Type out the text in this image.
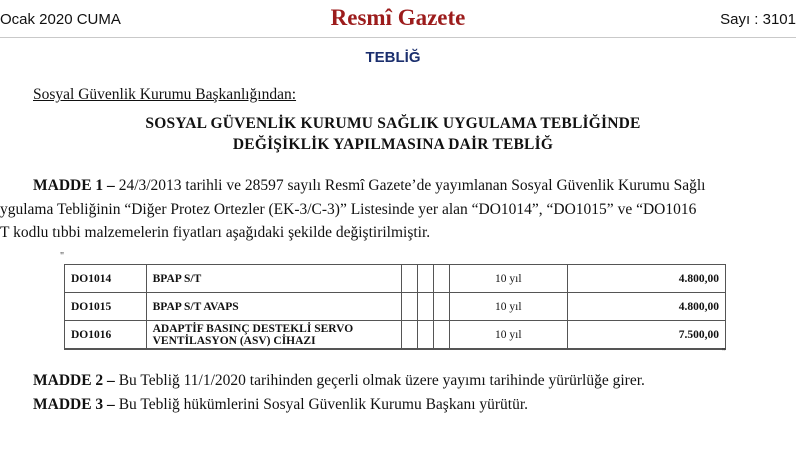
Ocak 2020 CUMA	Resmî Gazete	Sayı : 3101
TEBLİĞ
Sosyal Güvenlik Kurumu Başkanlığından:
SOSYAL GÜVENLİK KURUMU SAĞLIK UYGULAMA TEBLİĞİNDE
DEĞİŞİKLİK YAPILMASINA DAİR TEBLİĞ
MADDE 1 – 24/3/2013 tarihli ve 28597 sayılı Resmî Gazete’de yayımlanan Sosyal Güvenlik Kurumu Sağlı
ygulama Tebliğinin “Diğer Protez Ortezler (EK-3/C-3)” Listesinde yer alan “DO1014”, “DO1015” ve “DO1016
T kodlu tıbbi malzemelerin fiyatları aşağıdaki şekilde değiştirilmiştir.
"
DO1014	BPAP S/T				10 yıl	4.800,00
DO1015	BPAP S/T AVAPS				10 yıl	4.800,00
DO1016	ADAPTİF BASINÇ DESTEKLİ SERVO
VENTİLASYON (ASV) CİHAZI				10 yıl	7.500,00
"
MADDE 2 – Bu Tebliğ 11/1/2020 tarihinden geçerli olmak üzere yayımı tarihinde yürürlüğe girer.
MADDE 3 – Bu Tebliğ hükümlerini Sosyal Güvenlik Kurumu Başkanı yürütür.
